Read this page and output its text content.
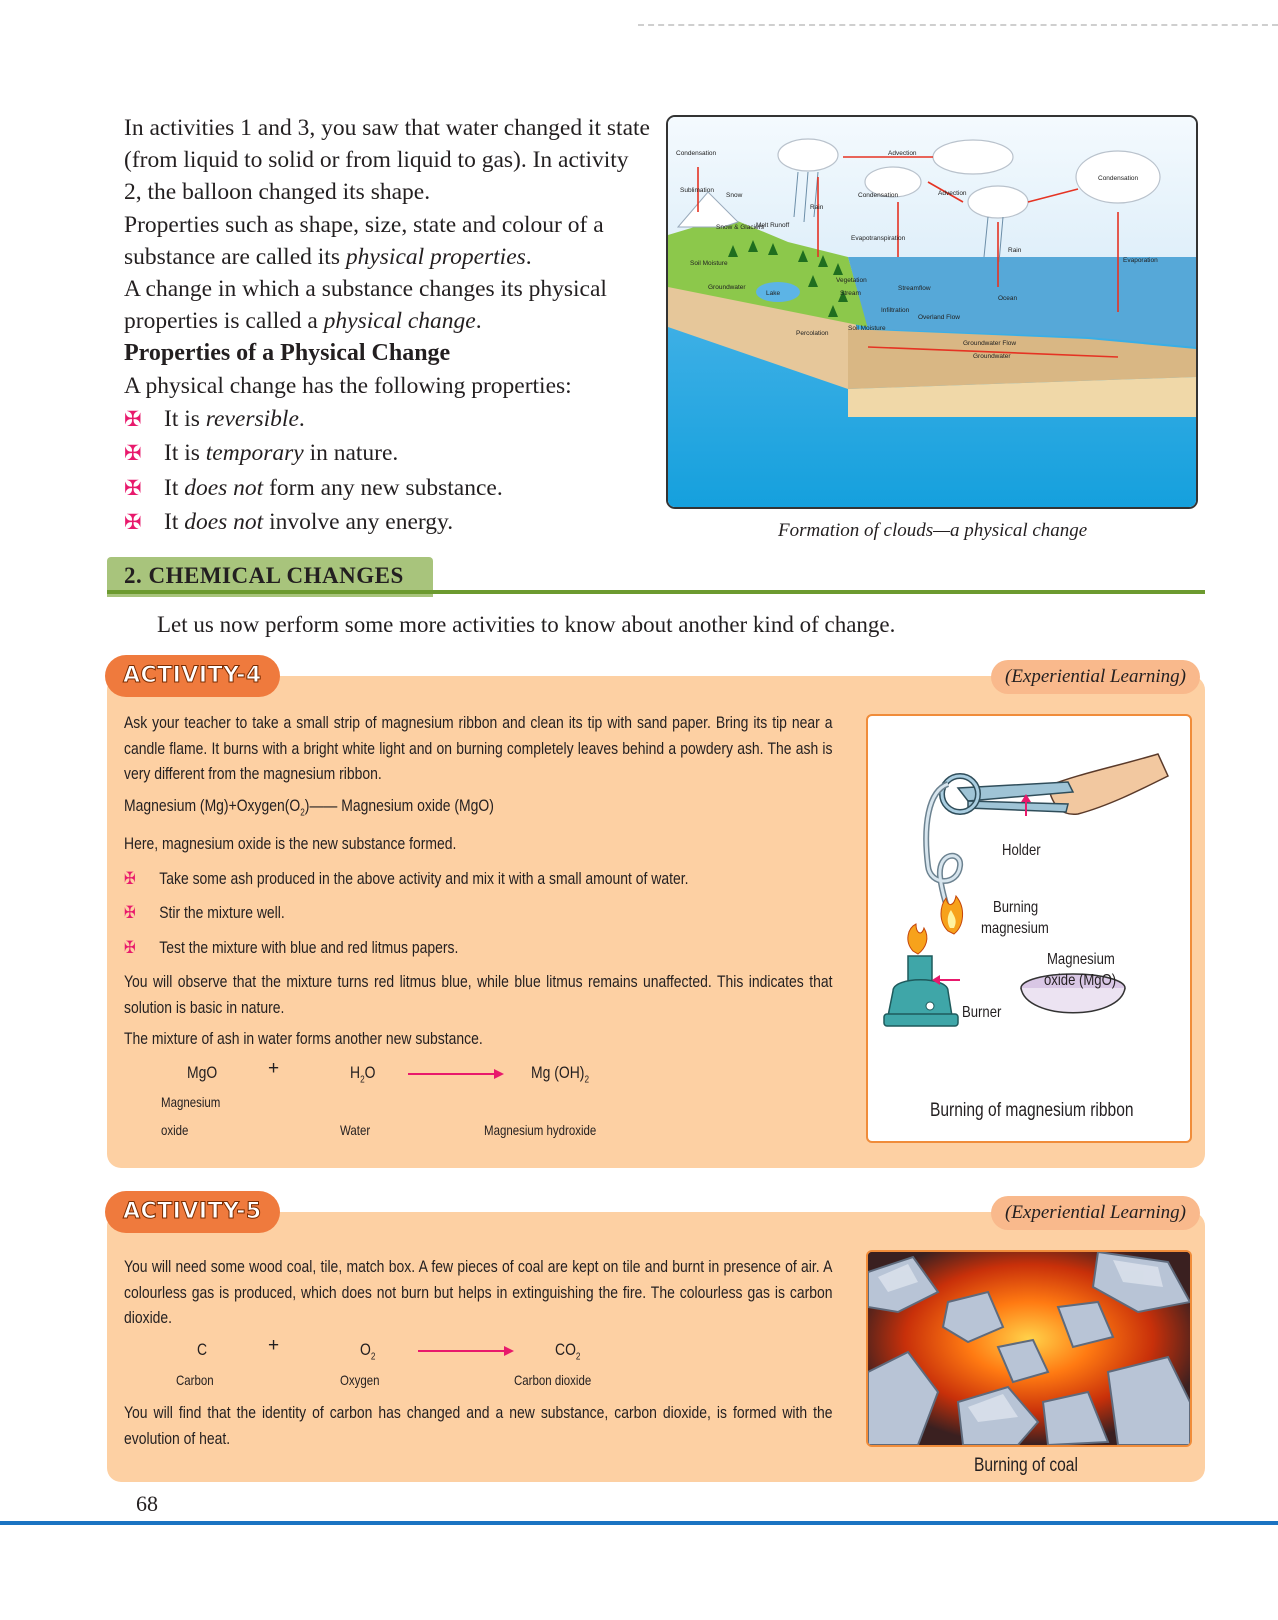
In activities 1 and 3, you saw that water changed it state (from liquid to solid or from liquid to gas). In activity 2, the balloon changed its shape.

Properties such as shape, size, state and colour of a substance are called its physical properties.

A change in which a substance changes its physical properties is called a physical change.

Properties of a Physical Change

A physical change has the following properties:

✠ It is reversible.
✠ It is temporary in nature.
✠ It does not form any new substance.
✠ It does not involve any energy.
Condensation
Sublimation
Snow
Advection
Condensation	Advection
Condensation
Rain
Rain
Snow & Glaciers
Melt Runoff
Evapotranspiration
Evaporation
Soil Moisture
Vegetation
Lake	Stream
Streamflow
Ocean
Groundwater
Infiltration
Overland Flow
Percolation
Soil Moisture
Groundwater Flow
Groundwater
Formation of clouds—a physical change
2. CHEMICAL CHANGES
Let us now perform some more activities to know about another kind of change.
ACTIVITY-4	(Experiential Learning)

Ask your teacher to take a small strip of magnesium ribbon and clean its tip with sand paper. Bring its tip near a candle flame. It burns with a bright white light and on burning completely leaves behind a powdery ash. The ash is very different from the magnesium ribbon.

Magnesium $(Mg)+Oxygen(O_2)——$ Magnesium oxide (MgO)

Here, magnesium oxide is the new substance formed.

✠ Take some ash produced in the above activity and mix it with a small amount of water.
✠ Stir the mixture well.
✠ Test the mixture with blue and red litmus papers.

You will observe that the mixture turns red litmus blue, while blue litmus remains unaffected. This indicates that solution is basic in nature.

The mixture of ash in water forms another new substance.

MgO	+	$H_2O$	Mg $(OH)_2$
Magnesium
oxide	Water	Magnesium hydroxide
Holder
Burning
magnesium
Magnesium
oxide (MgO)
Burner
Burning of magnesium ribbon
ACTIVITY-5	(Experiential Learning)

You will need some wood coal, tile, match box. A few pieces of coal are kept on tile and burnt in presence of air. A colourless gas is produced, which does not burn but helps in extinguishing the fire. The colourless gas is carbon dioxide.

C	+	$O_2$	$CO_2$
Carbon	Oxygen	Carbon dioxide

You will find that the identity of carbon has changed and a new substance, carbon dioxide, is formed with the evolution of heat.

Burning of coal
68
